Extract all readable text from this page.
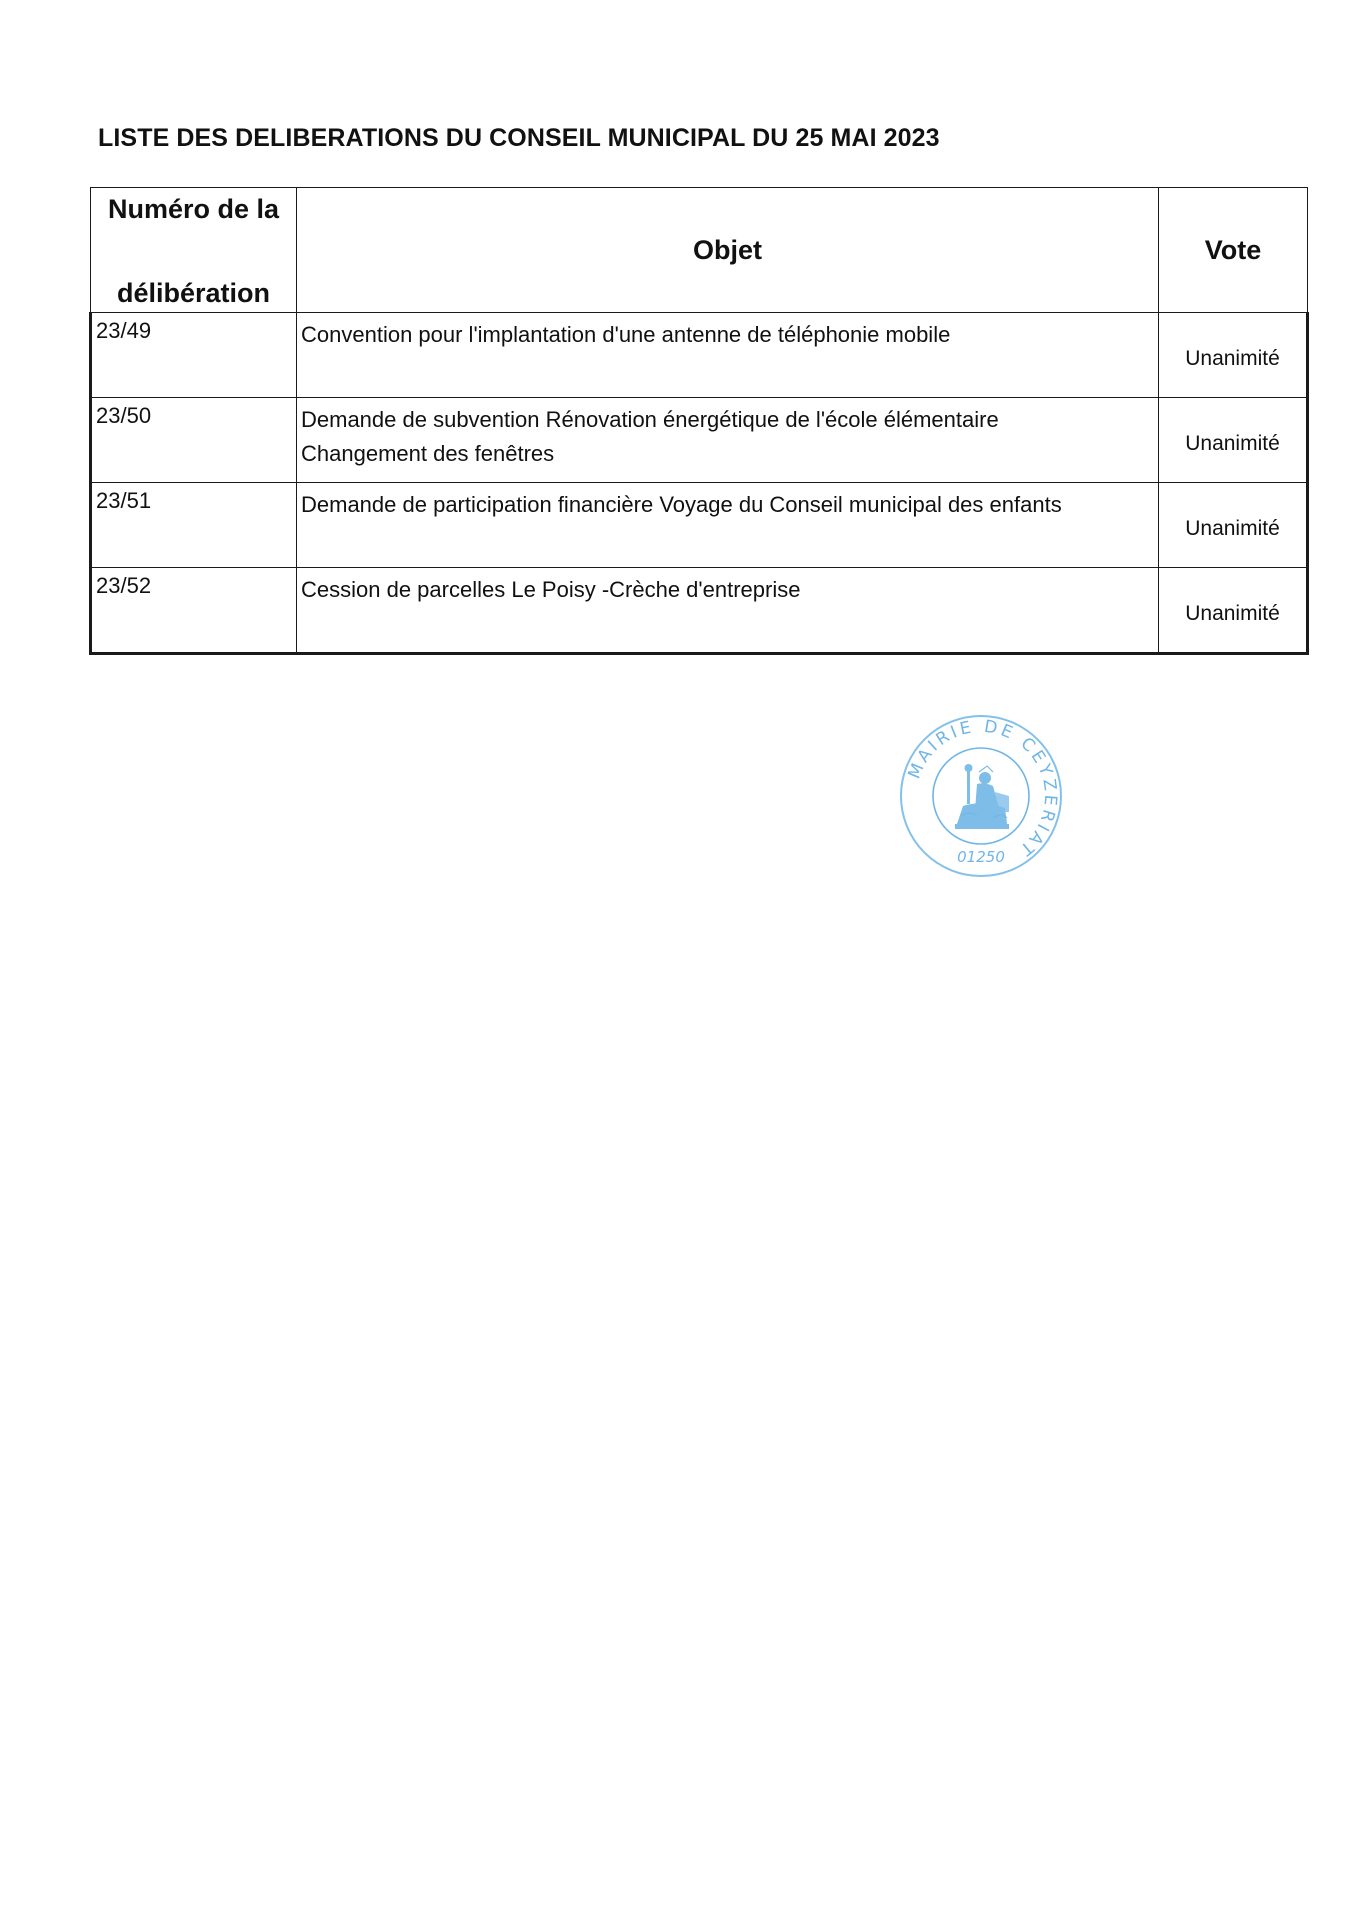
LISTE DES DELIBERATIONS DU CONSEIL MUNICIPAL DU 25 MAI 2023
Numéro de la
délibération	Objet	Vote
23/49	Convention pour l'implantation d'une antenne de téléphonie mobile	Unanimité
23/50	Demande de subvention Rénovation énergétique de l'école élémentaire
Changement des fenêtres	Unanimité
23/51	Demande de participation financière Voyage du Conseil municipal des enfants	Unanimité
23/52	Cession de parcelles Le Poisy -Crèche d'entreprise	Unanimité
MAIRIE DE CEYZERIAT
01250
